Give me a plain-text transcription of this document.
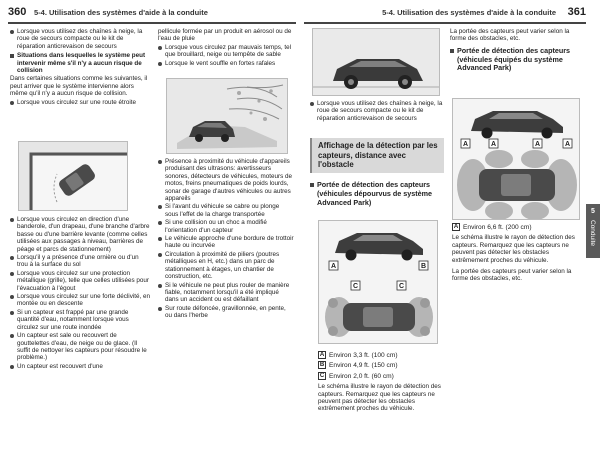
360 5-4. Utilisation des systèmes d'aide à la conduite
Lorsque vous utilisez des chaînes à neige, la roue de secours compacte ou le kit de réparation anticrevaison de secours
Situations dans lesquelles le système peut intervenir même s'il n'y a aucun risque de collision
Dans certaines situations comme les suivantes, il peut arriver que le système intervienne alors même qu'il n'y a aucun risque de collision.
Lorsque vous circulez sur une route étroite
Lorsque vous circulez en direction d'une banderole, d'un drapeau, d'une branche d'arbre basse ou d'une barrière levante (comme celles utilisées aux passages à niveau, barrières de péage et parcs de stationnement)
Lorsqu'il y a présence d'une ornière ou d'un trou à la surface du sol
Lorsque vous circulez sur une protection métallique (grille), telle que celles utilisées pour l'évacuation à l'égout
Lorsque vous circulez sur une forte déclivité, en montée ou en descente
Si un capteur est frappé par une grande quantité d'eau, notamment lorsque vous circulez sur une route inondée
Un capteur est sale ou recouvert de gouttelettes d'eau, de neige ou de glace. (Il suffit de nettoyer les capteurs pour résoudre le problème.)
Un capteur est recouvert d'une
pellicule formée par un produit en aérosol ou de l'eau de pluie
Lorsque vous circulez par mauvais temps, tel que brouillard, neige ou tempête de sable
Lorsque le vent souffle en fortes rafales
Présence à proximité du véhicule d'appareils produisant des ultrasons: avertisseurs sonores, détecteurs de véhicules, moteurs de motos, freins pneumatiques de poids lourds, sonar de garage d'autres véhicules ou autres appareils
Si l'avant du véhicule se cabre ou plonge sous l'effet de la charge transportée
Si une collision ou un choc a modifié l'orientation d'un capteur
Le véhicule approche d'une bordure de trottoir haute ou incurvée
Circulation à proximité de piliers (poutres métalliques en H, etc.) dans un parc de stationnement à étages, un chantier de construction, etc.
Si le véhicule ne peut plus rouler de manière fiable, notamment lorsqu'il a été impliqué dans un accident ou est défaillant
Sur route défoncée, gravillonnée, en pente, ou dans l'herbe
5-4. Utilisation des systèmes d'aide à la conduite 361
Lorsque vous utilisez des chaînes à neige, la roue de secours compacte ou le kit de réparation anticrevaison de secours
Affichage de la détection par les capteurs, distance avec l'obstacle
Portée de détection des capteurs (véhicules dépourvus de système Advanced Park)
A	B
C	C
A Environ 3,3 ft. (100 cm)
B Environ 4,9 ft. (150 cm)
C Environ 2,0 ft. (60 cm)
Le schéma illustre le rayon de détection des capteurs. Remarquez que les capteurs ne peuvent pas détecter les obstacles extrêmement proches du véhicule.
La portée des capteurs peut varier selon la forme des obstacles, etc.
Portée de détection des capteurs (véhicules équipés du système Advanced Park)
A	A	A	A
A Environ 6,6 ft. (200 cm)
Le schéma illustre le rayon de détection des capteurs. Remarquez que les capteurs ne peuvent pas détecter les obstacles extrêmement proches du véhicule.
La portée des capteurs peut varier selon la forme des obstacles, etc.
5
Conduite
